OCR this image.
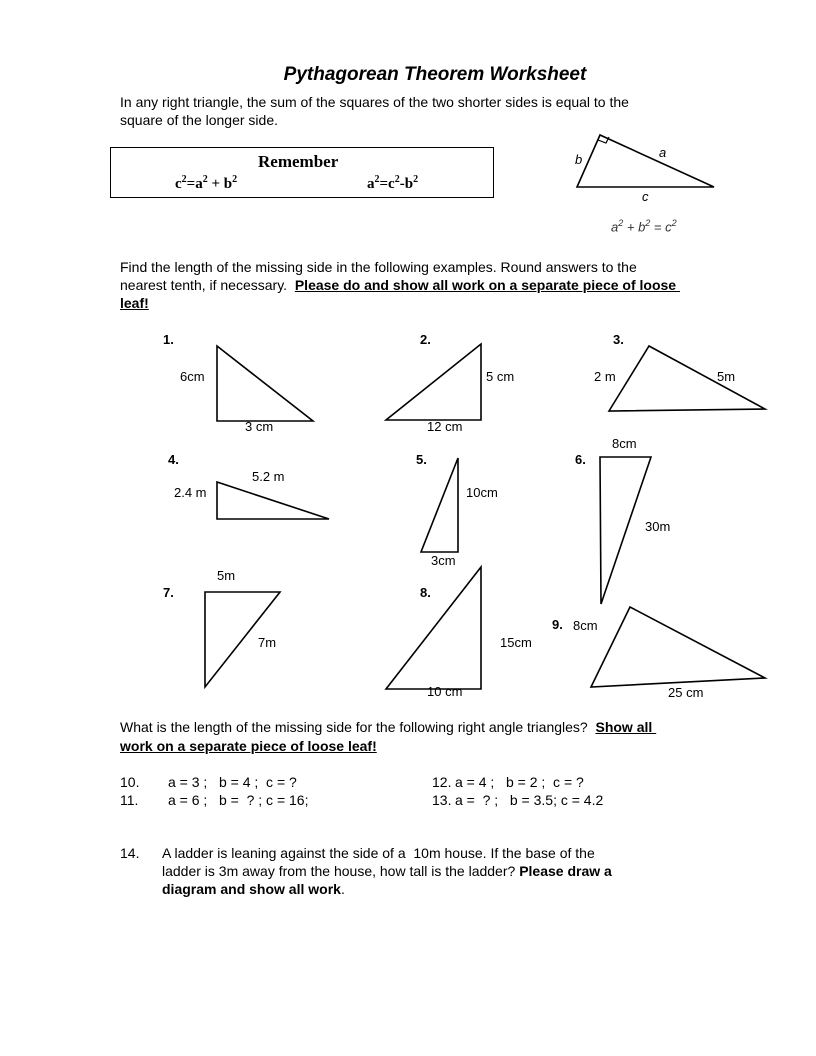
Pythagorean Theorem Worksheet
In any right triangle, the sum of the squares of the two shorter sides is equal to the
square of the longer side.
Remember
$c^2=a^2 + b^2$	$a^2=c^2-b^2$
b	a
c
$a^2 + b^2 = c^2$
Find the length of the missing side in the following examples. Round answers to the
nearest tenth, if necessary.  Please do and show all work on a separate piece of loose
leaf!
1.	2.	3.
4.	5.	6.
7.	8.
9.
6cm
3 cm
5 cm
12 cm
2 m	5m
2.4 m
5.2 m
10cm
3cm
8cm
30m
5m
7m	15cm
10 cm
8cm
25 cm
What is the length of the missing side for the following right angle triangles?  Show all
work on a separate piece of loose leaf!
10. a = 3 ;   b = 4 ;  c = ?
11. a = 6 ;   b =  ? ; c = 16;
12. a = 4 ;   b = 2 ;  c = ?
13. a =  ? ;   b = 3.5; c = 4.2
14. A ladder is leaning against the side of a  10m house. If the base of the
ladder is 3m away from the house, how tall is the ladder? Please draw a
diagram and show all work.
